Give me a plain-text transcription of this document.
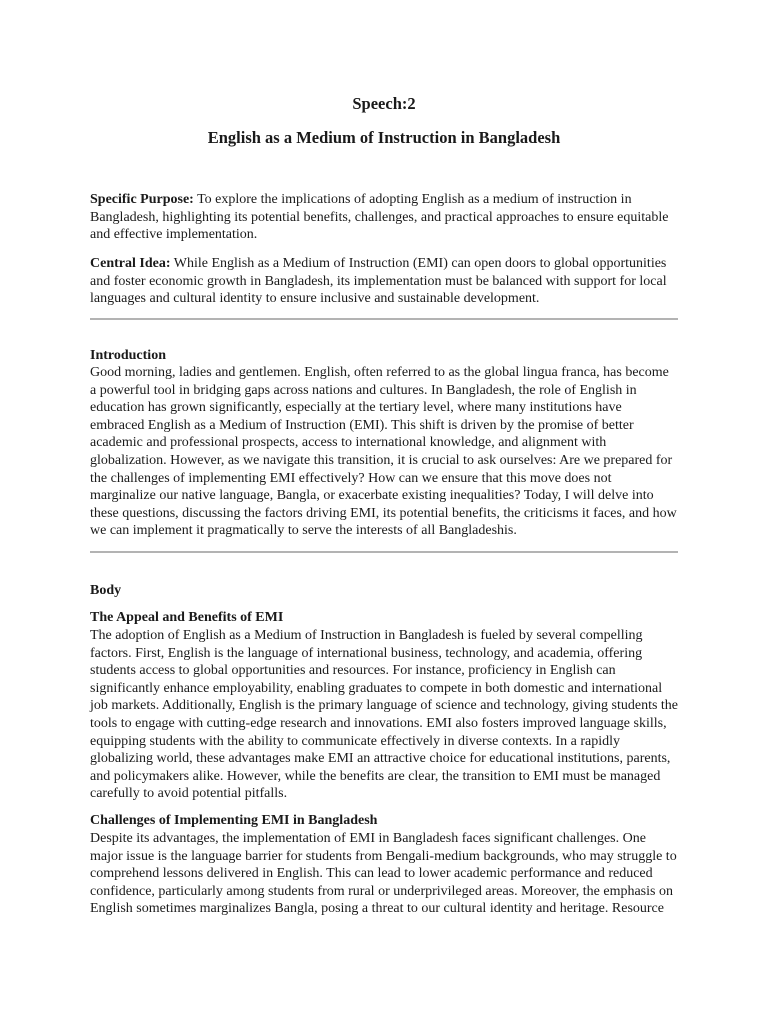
Speech:2
English as a Medium of Instruction in Bangladesh

Specific Purpose: To explore the implications of adopting English as a medium of instruction in Bangladesh, highlighting its potential benefits, challenges, and practical approaches to ensure equitable and effective implementation.

Central Idea: While English as a Medium of Instruction (EMI) can open doors to global opportunities and foster economic growth in Bangladesh, its implementation must be balanced with support for local languages and cultural identity to ensure inclusive and sustainable development.

Introduction

Good morning, ladies and gentlemen. English, often referred to as the global lingua franca, has become a powerful tool in bridging gaps across nations and cultures. In Bangladesh, the role of English in education has grown significantly, especially at the tertiary level, where many institutions have embraced English as a Medium of Instruction (EMI). This shift is driven by the promise of better academic and professional prospects, access to international knowledge, and alignment with globalization. However, as we navigate this transition, it is crucial to ask ourselves: Are we prepared for the challenges of implementing EMI effectively? How can we ensure that this move does not marginalize our native language, Bangla, or exacerbate existing inequalities? Today, I will delve into these questions, discussing the factors driving EMI, its potential benefits, the criticisms it faces, and how we can implement it pragmatically to serve the interests of all Bangladeshis.

Body
The Appeal and Benefits of EMI

The adoption of English as a Medium of Instruction in Bangladesh is fueled by several compelling factors. First, English is the language of international business, technology, and academia, offering students access to global opportunities and resources. For instance, proficiency in English can significantly enhance employability, enabling graduates to compete in both domestic and international job markets. Additionally, English is the primary language of science and technology, giving students the tools to engage with cutting-edge research and innovations. EMI also fosters improved language skills, equipping students with the ability to communicate effectively in diverse contexts. In a rapidly globalizing world, these advantages make EMI an attractive choice for educational institutions, parents, and policymakers alike. However, while the benefits are clear, the transition to EMI must be managed carefully to avoid potential pitfalls.

Challenges of Implementing EMI in Bangladesh

Despite its advantages, the implementation of EMI in Bangladesh faces significant challenges. One major issue is the language barrier for students from Bengali-medium backgrounds, who may struggle to comprehend lessons delivered in English. This can lead to lower academic performance and reduced confidence, particularly among students from rural or underprivileged areas. Moreover, the emphasis on English sometimes marginalizes Bangla, posing a threat to our cultural identity and heritage. Resource
